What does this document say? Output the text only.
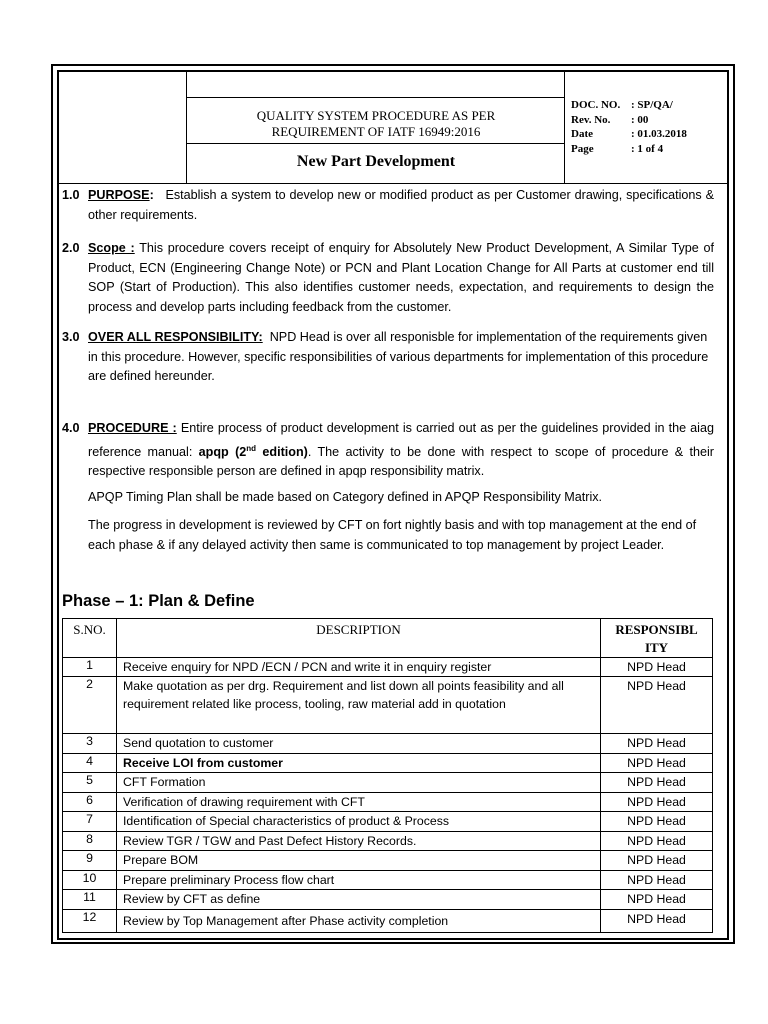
QUALITY SYSTEM PROCEDURE AS PER
REQUIREMENT OF IATF 16949:2016
New Part Development
DOC. NO. : SP/QA/
Rev. No.	: 00
Date	: 01.03.2018
Page	: 1 of 4
1.0 PURPOSE: Establish a system to develop new or modified product as per Customer drawing, specifications & other requirements.
2.0 Scope : This procedure covers receipt of enquiry for Absolutely New Product Development, A Similar Type of Product, ECN (Engineering Change Note) or PCN and Plant Location Change for All Parts at customer end till SOP (Start of Production). This also identifies customer needs, expectation, and requirements to design the process and develop parts including feedback from the customer.
3.0 OVER ALL RESPONSIBILITY: NPD Head is over all responisble for implementation of the requirements given in this procedure. However, specific responsibilities of various departments for implementation of this procedure are defined hereunder.
4.0 PROCEDURE : Entire process of product development is carried out as per the guidelines provided in the aiag reference manual: apqp (2nd edition). The activity to be done with respect to scope of procedure & their respective responsible person are defined in apqp responsibility matrix.
APQP Timing Plan shall be made based on Category defined in APQP Responsibility Matrix.
The progress in development is reviewed by CFT on fort nightly basis and with top management at the end of each phase & if any delayed activity then same is communicated to top management by project Leader.
Phase – 1: Plan & Define
S.NO.	DESCRIPTION	RESPONSIBL ITY
1	Receive enquiry for NPD /ECN / PCN and write it in enquiry register	NPD Head
2	Make quotation as per drg. Requirement and list down all points feasibility and all requirement related like process, tooling, raw material add in quotation	NPD Head
3	Send quotation to customer	NPD Head
4	Receive LOI from customer	NPD Head
5	CFT Formation	NPD Head
6	Verification of drawing requirement with CFT	NPD Head
7	Identification of Special characteristics of product & Process	NPD Head
8	Review TGR / TGW and Past Defect History Records.	NPD Head
9	Prepare BOM	NPD Head
10	Prepare preliminary Process flow chart	NPD Head
11	Review by CFT as define	NPD Head
12	Review by Top Management after Phase activity completion	NPD Head
